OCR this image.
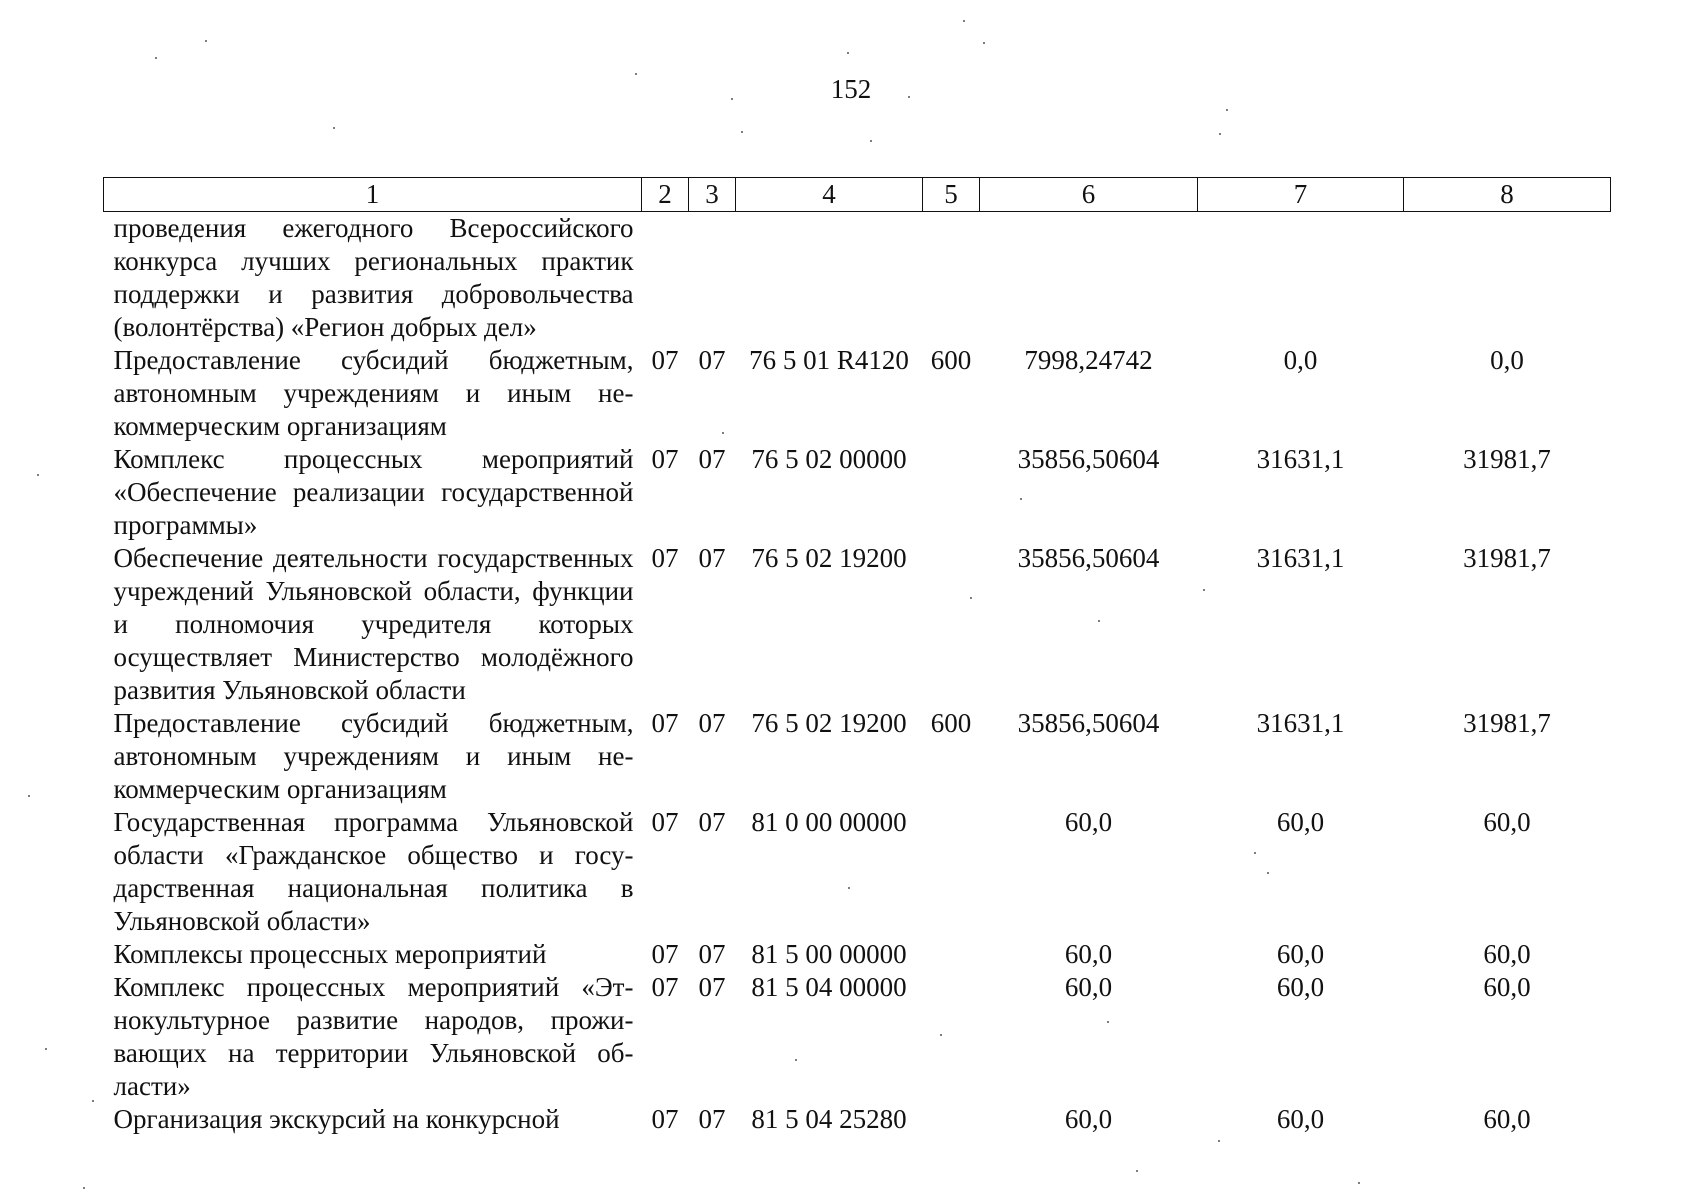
152
1	2	3	4	5	6	7	8
проведения ежегодного Всероссийского конкурса лучших региональных практик поддержки и развития добровольчества (волонтёрства) «Регион добрых дел»							
Предоставление субсидий бюджетным, автономным учреждениям и иным некоммерческим организациям	07	07	76 5 01 R4120	600	7998,24742	0,0	0,0
Комплекс процессных мероприятий «Обеспечение реализации государственной программы»	07	07	76 5 02 00000		35856,50604	31631,1	31981,7
Обеспечение деятельности государственных учреждений Ульяновской области, функции и полномочия учредителя которых осуществляет Министерство молодёжного развития Ульяновской области	07	07	76 5 02 19200		35856,50604	31631,1	31981,7
Предоставление субсидий бюджетным, автономным учреждениям и иным некоммерческим организациям	07	07	76 5 02 19200	600	35856,50604	31631,1	31981,7
Государственная программа Ульяновской области «Гражданское общество и государственная национальная политика в Ульяновской области»	07	07	81 0 00 00000		60,0	60,0	60,0
Комплексы процессных мероприятий	07	07	81 5 00 00000		60,0	60,0	60,0
Комплекс процессных мероприятий «Этнокультурное развитие народов, проживающих на территории Ульяновской области»	07	07	81 5 04 00000		60,0	60,0	60,0
Организация экскурсий на конкурсной	07	07	81 5 04 25280		60,0	60,0	60,0
